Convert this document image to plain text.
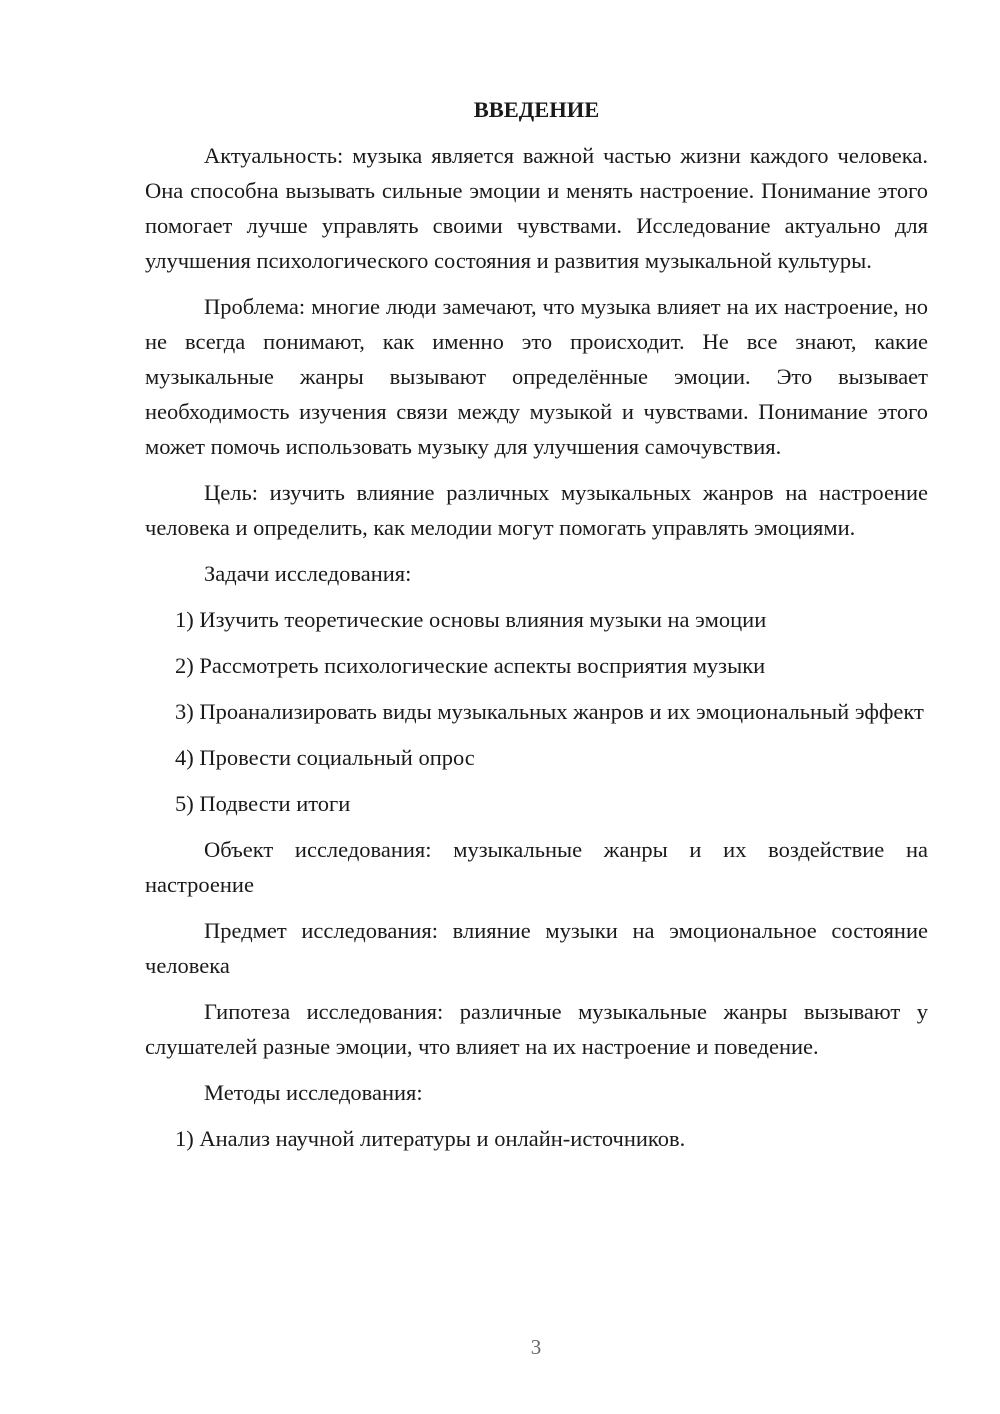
ВВЕДЕНИЕ

Актуальность: музыка является важной частью жизни каждого человека. Она способна вызывать сильные эмоции и менять настроение. Понимание этого помогает лучше управлять своими чувствами. Исследование актуально для улучшения психологического состояния и развития музыкальной культуры.

Проблема: многие люди замечают, что музыка влияет на их настроение, но не всегда понимают, как именно это происходит. Не все знают, какие музыкальные жанры вызывают определённые эмоции. Это вызывает необходимость изучения связи между музыкой и чувствами. Понимание этого может помочь использовать музыку для улучшения самочувствия.

Цель: изучить влияние различных музыкальных жанров на настроение человека и определить, как мелодии могут помогать управлять эмоциями.

Задачи исследования:

1) Изучить теоретические основы влияния музыки на эмоции

2) Рассмотреть психологические аспекты восприятия музыки

3) Проанализировать виды музыкальных жанров и их эмоциональный эффект

4) Провести социальный опрос

5) Подвести итоги

Объект исследования: музыкальные жанры и их воздействие на настроение

Предмет исследования: влияние музыки на эмоциональное состояние человека

Гипотеза исследования: различные музыкальные жанры вызывают у слушателей разные эмоции, что влияет на их настроение и поведение.

Методы исследования:

1) Анализ научной литературы и онлайн-источников.

3
